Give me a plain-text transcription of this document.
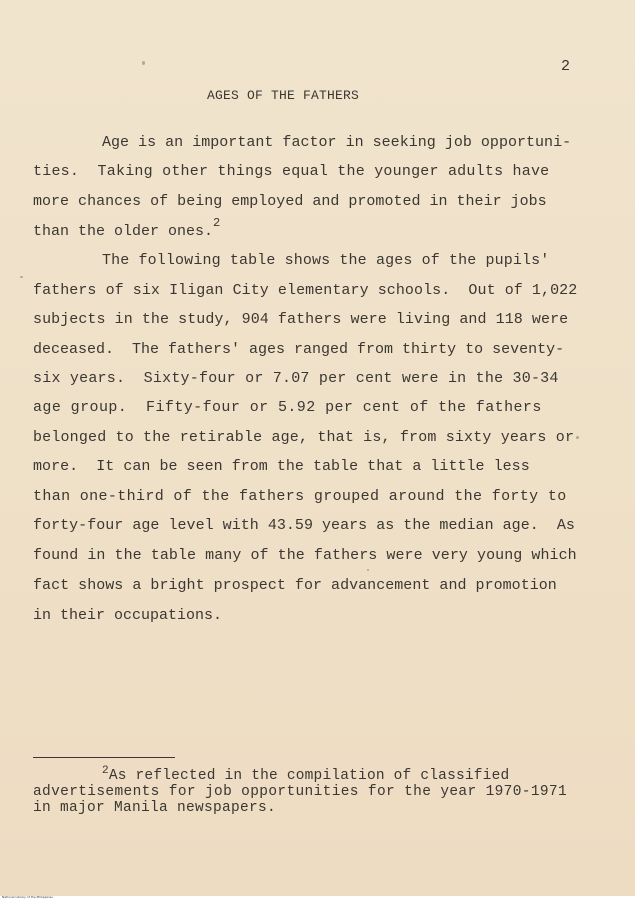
2
AGES OF THE FATHERS
Age is an important factor in seeking job opportuni-
ties.  Taking other things equal the younger adults have
more chances of being employed and promoted in their jobs
than the older ones.$^2$
The following table shows the ages of the pupils'
fathers of six Iligan City elementary schools.  Out of 1,022
subjects in the study, 904 fathers were living and 118 were
deceased.  The fathers' ages ranged from thirty to seventy-
six years.  Sixty-four or 7.07 per cent were in the 30-34
age group.  Fifty-four or 5.92 per cent of the fathers
belonged to the retirable age, that is, from sixty years or
more.  It can be seen from the table that a little less
than one-third of the fathers grouped around the forty to
forty-four age level with 43.59 years as the median age.  As
found in the table many of the fathers were very young which
fact shows a bright prospect for advancement and promotion
in their occupations.
$^2$As reflected in the compilation of classified
advertisements for job opportunities for the year 1970-1971
in major Manila newspapers.
National Library of the Philippines
